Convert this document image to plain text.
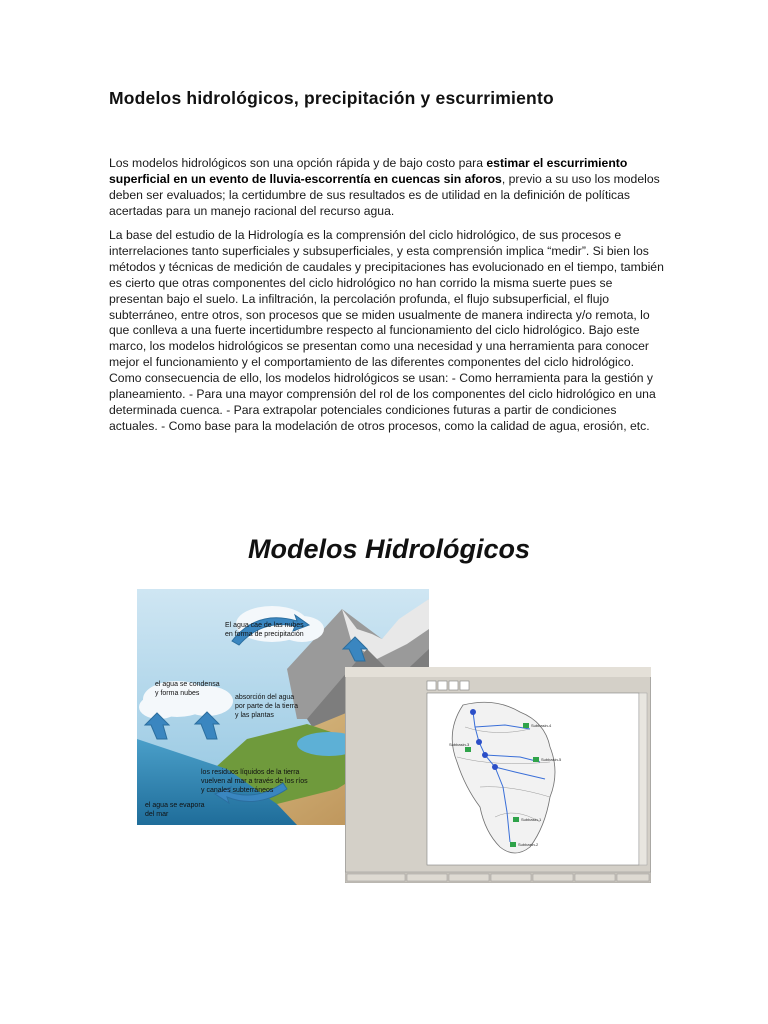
Modelos hidrológicos, precipitación y escurrimiento
Los modelos hidrológicos son una opción rápida y de bajo costo para estimar el escurrimiento superficial en un evento de lluvia-escorrentía en cuencas sin aforos, previo a su uso los modelos deben ser evaluados; la certidumbre de sus resultados es de utilidad en la definición de políticas acertadas para un manejo racional del recurso agua.
La base del estudio de la Hidrología es la comprensión del ciclo hidrológico, de sus procesos e interrelaciones tanto superficiales y subsuperficiales, y esta comprensión implica “medir”. Si bien los métodos y técnicas de medición de caudales y precipitaciones has evolucionado en el tiempo, también es cierto que otras componentes del ciclo hidrológico no han corrido la misma suerte pues se presentan bajo el suelo. La infiltración, la percolación profunda, el flujo subsuperficial, el flujo subterráneo, entre otros, son procesos que se miden usualmente de manera indirecta y/o remota, lo que conlleva a una fuerte incertidumbre respecto al funcionamiento del ciclo hidrológico. Bajo este marco, los modelos hidrológicos se presentan como una necesidad y una herramienta para conocer mejor el funcionamiento y el comportamiento de las diferentes componentes del ciclo hidrológico. Como consecuencia de ello, los modelos hidrológicos se usan: - Como herramienta para la gestión y planeamiento. - Para una mayor comprensión del rol de los componentes del ciclo hidrológico en una determinada cuenca. - Para extrapolar potenciales condiciones futuras a partir de condiciones actuales. - Como base para la modelación de otros procesos, como la calidad de agua, erosión, etc.
Modelos Hidrológicos
El agua cae de las nubes
en forma de precipitación
el agua se condensa
y forma nubes
absorción del agua
por parte de la tierra
y las plantas
los residuos líquidos de la tierra
vuelven al mar a través de los ríos
y canales subterráneos
el agua se evapora
del mar
Subbasin-4
Subbasin-5
Subbasin-3
Subbasin-1
Subbasin-2
